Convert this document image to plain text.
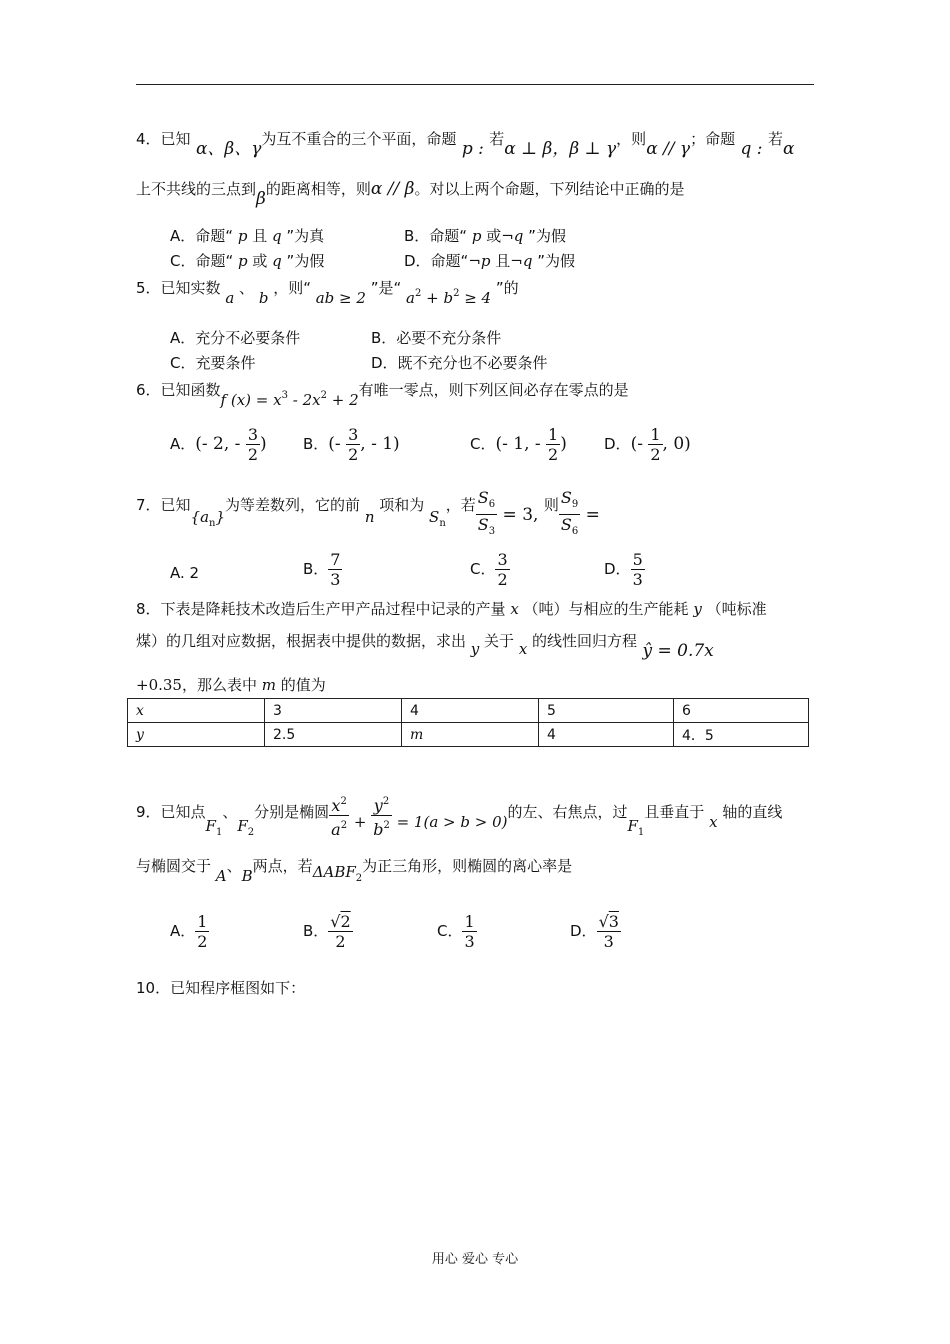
4．已知 α、β、γ为互不重合的三个平面，命题 p : 若α ⊥ β，β ⊥ γ，则α // γ；命题 q : 若α
上不共线的三点到β的距离相等，则α // β。对以上两个命题，下列结论中正确的是
A．命题“ p 且 q ”为真	B．命题“ p 或¬q ”为假
C．命题“ p 或 q ”为假	D．命题“¬p 且¬q ”为假
5．已知实数 a 、 b ，则“ ab ≥ 2 ”是“ $a^2 + b^2 \ge 4$ ”的
A．充分不必要条件	B．必要不充分条件
C．充要条件	D．既不充分也不必要条件
6．已知函数f $(x) = x^3 - 2x^2 + 2$有唯一零点，则下列区间必存在零点的是
A．(- 2, - $\frac{3}{2}$ ) B．(- $\frac{3}{2}$ , - 1)	C．(- 1, - $\frac{1}{2}$ ) D．(- $\frac{1}{2}$ , 0)
7．已知$\{a_n\}$为等差数列，它的前 n 项和为 $S_n$，若 $\frac{S_6}{S_3} = 3$, 则 $\frac{S_9}{S_6}$ =
A. 2	B． $\frac{7}{3}$	C． $\frac{3}{2}$	D． $\frac{5}{3}$
8．下表是降耗技术改造后生产甲产品过程中记录的产量 x （吨）与相应的生产能耗 y （吨标准
煤）的几组对应数据，根据表中提供的数据，求出 y 关于 x 的线性回归方程 ŷ = 0.7x
+0.35，那么表中 m 的值为
x	3	4	5	6
y	2.5	m	4	4．5
9．已知点$F_1$、$F_2$分别是椭圆 $\frac{x^2}{a^2} + \frac{y^2}{b^2} = 1(a > b > 0)$的左、右焦点，过$F_1$且垂直于 x 轴的直线
与椭圆交于 A、B两点，若$\Delta ABF_2$为正三角形，则椭圆的离心率是
A． $\frac{1}{2}$	B． $\frac{√2}{2}$	C． $\frac{1}{3}$	D． $\frac{√3}{3}$
10．已知程序框图如下：
用心 爱心 专心
